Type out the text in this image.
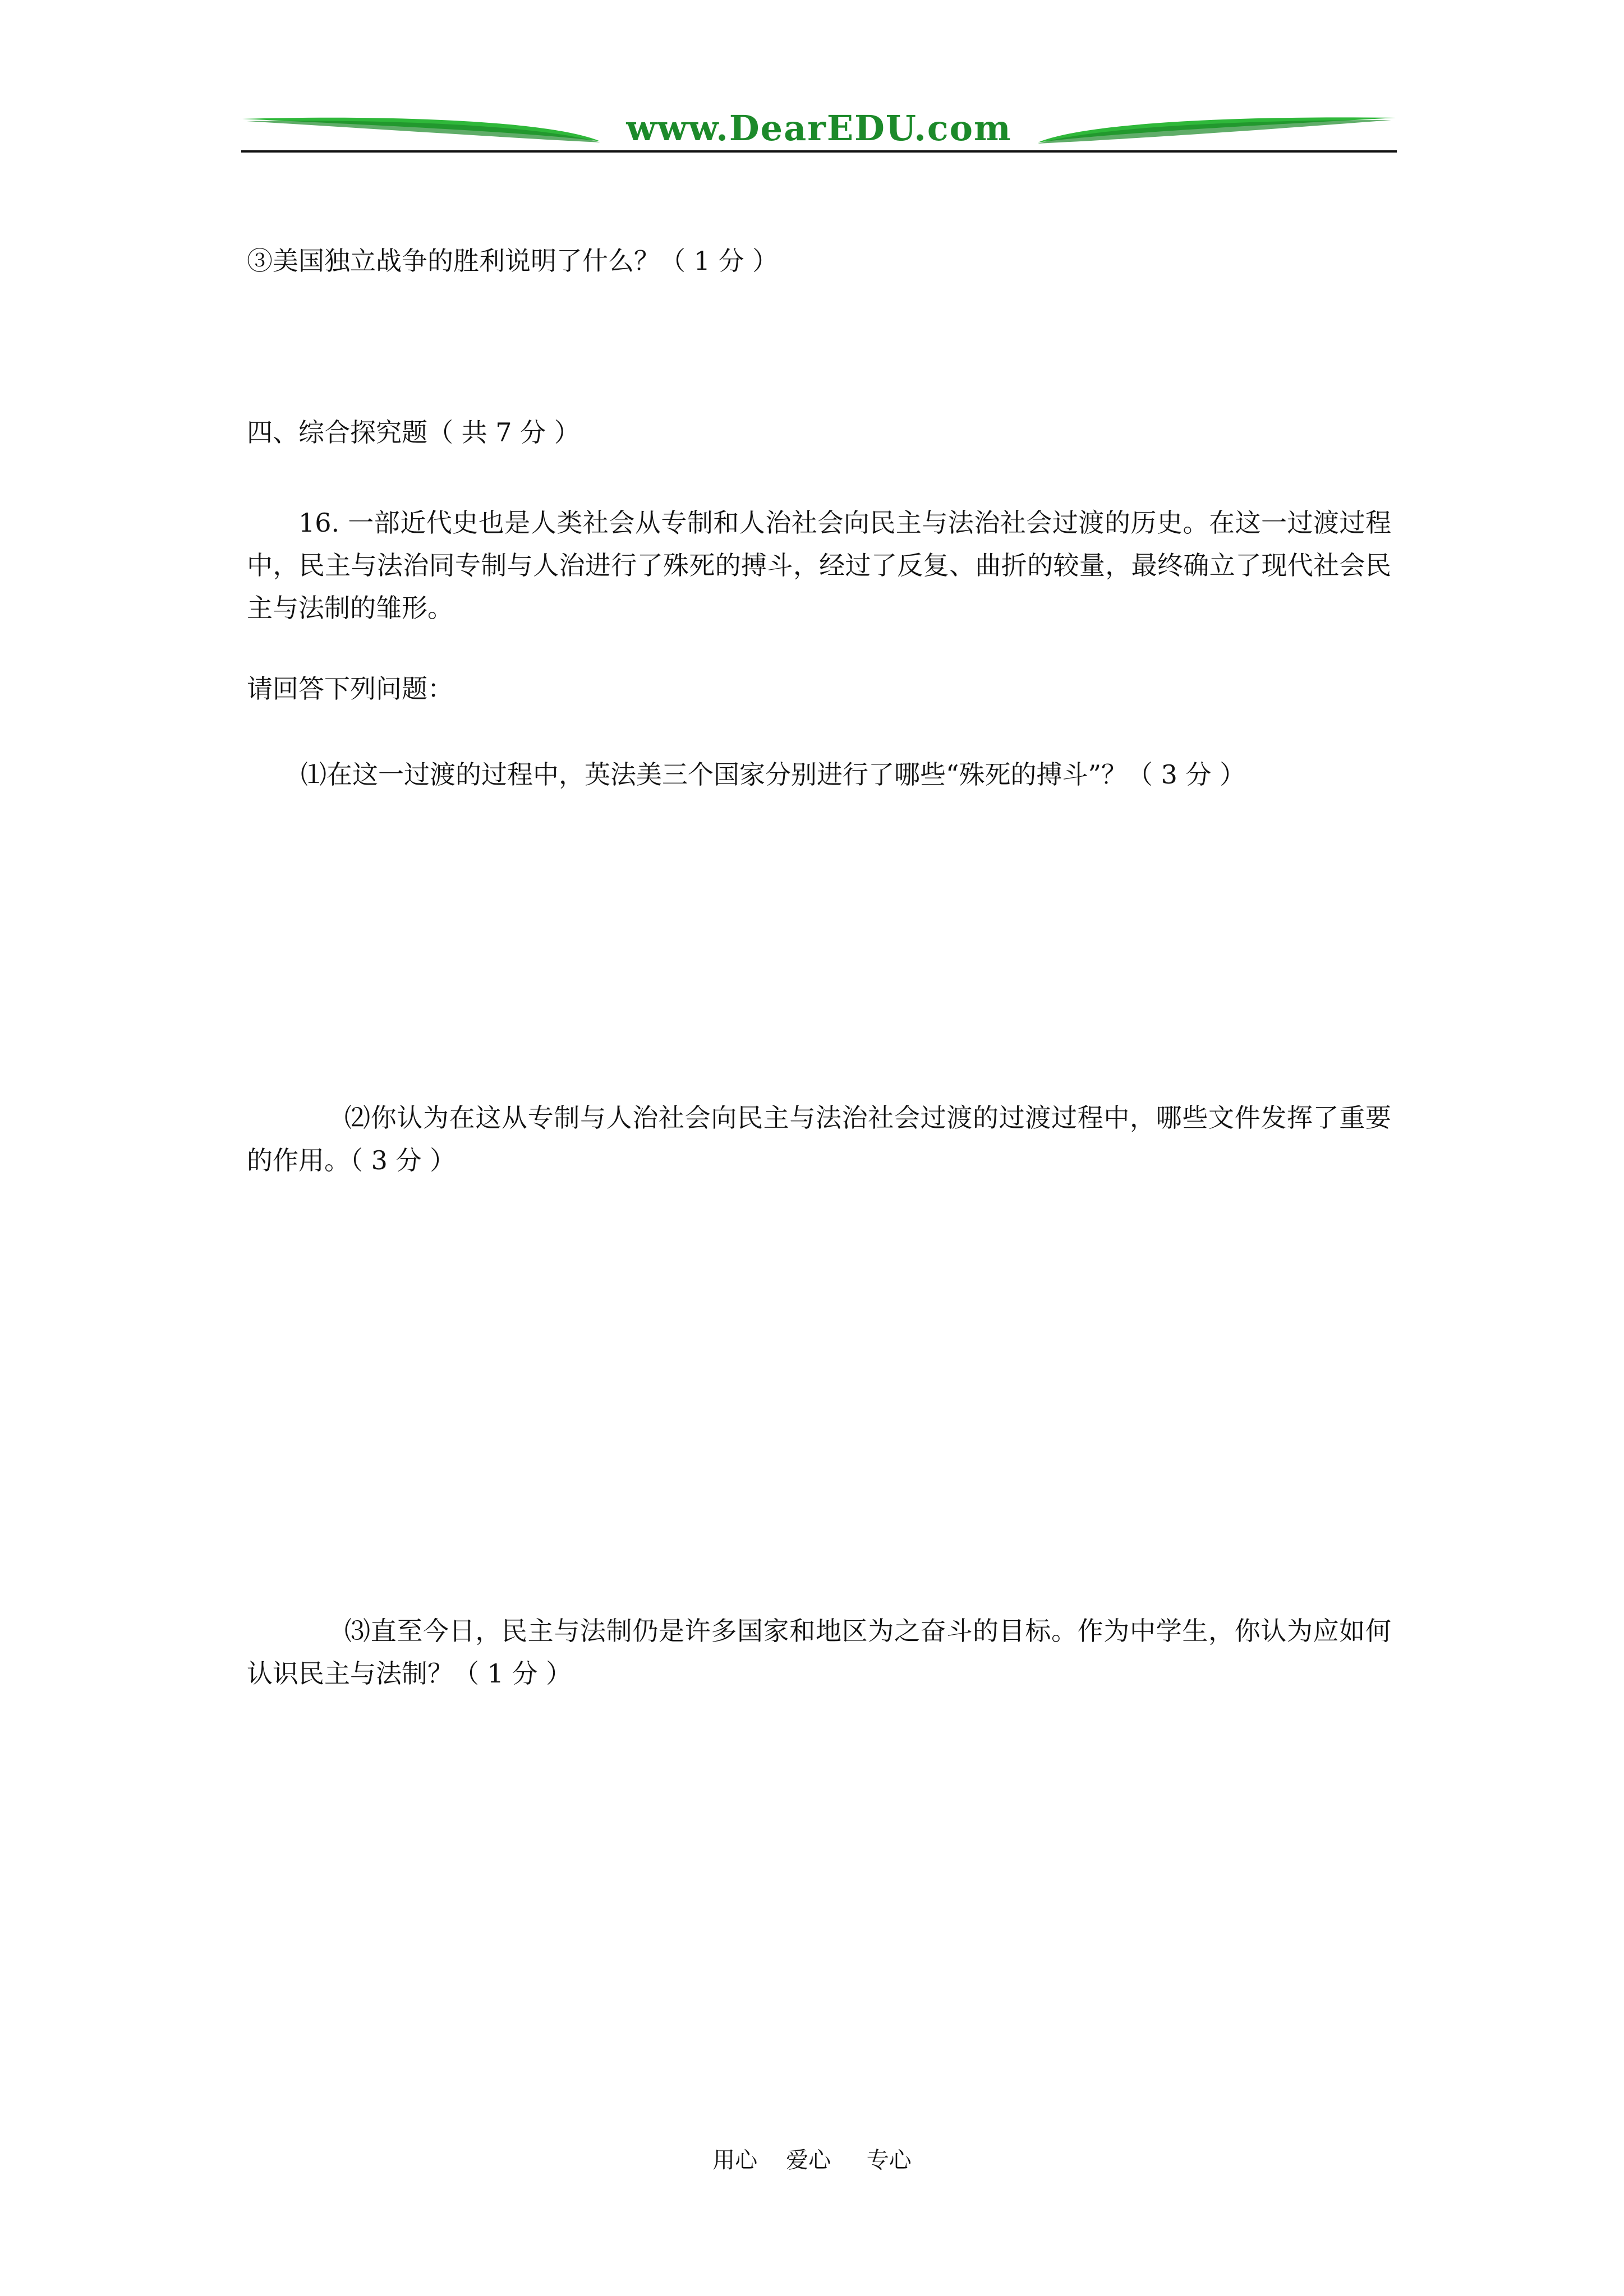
www.DearEDU.com
③美国独立战争的胜利说明了什么？（ 1 分 ）
四、综合探究题（ 共 7 分 ）
16. 一部近代史也是人类社会从专制和人治社会向民主与法治社会过渡的历史。在这一过渡过程中，民主与法治同专制与人治进行了殊死的搏斗，经过了反复、曲折的较量，最终确立了现代社会民主与法制的雏形。
请回答下列问题：
⑴在这一过渡的过程中，英法美三个国家分别进行了哪些“殊死的搏斗”？（ 3 分 ）
⑵你认为在这从专制与人治社会向民主与法治社会过渡的过渡过程中，哪些文件发挥了重要的作用。（ 3 分 ）
⑶直至今日，民主与法制仍是许多国家和地区为之奋斗的目标。作为中学生，你认为应如何认识民主与法制？（ 1 分 ）
用心    爱心     专心
